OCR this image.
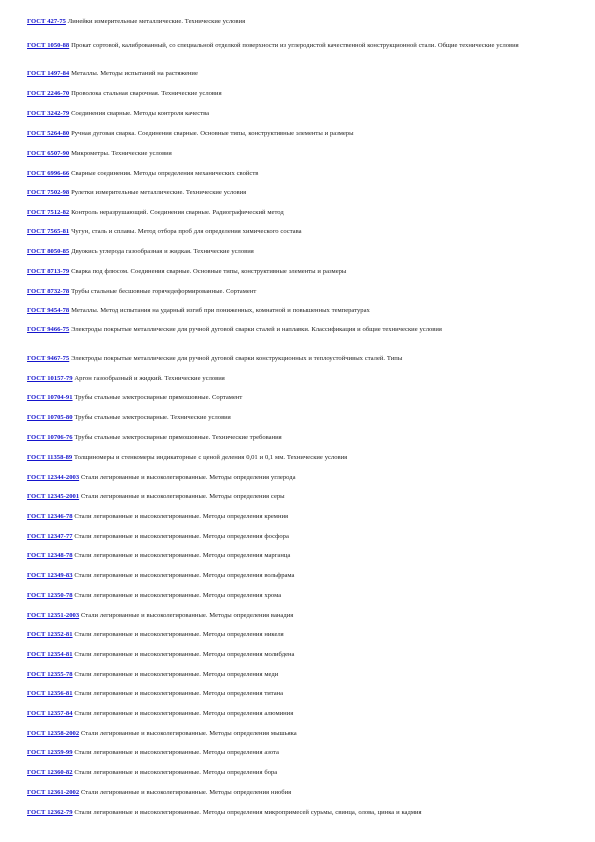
ГОСТ 427-75 Линейки измерительные металлические. Технические условия

ГОСТ 1050-88 Прокат сортовой, калиброванный, со специальной отделкой поверхности из углеродистой качественной конструкционной стали. Общие технические условия

ГОСТ 1497-84 Металлы. Методы испытаний на растяжение

ГОСТ 2246-70 Проволока стальная сварочная. Технические условия

ГОСТ 3242-79 Соединения сварные. Методы контроля качества

ГОСТ 5264-80 Ручная дуговая сварка. Соединения сварные. Основные типы, конструктивные элементы и размеры

ГОСТ 6507-90 Микрометры. Технические условия

ГОСТ 6996-66 Сварные соединения. Методы определения механических свойств

ГОСТ 7502-98 Рулетки измерительные металлические. Технические условия

ГОСТ 7512-82 Контроль неразрушающий. Соединения сварные. Радиографический метод

ГОСТ 7565-81 Чугун, сталь и сплавы. Метод отбора проб для определения химического состава

ГОСТ 8050-85 Двуокись углерода газообразная и жидкая. Технические условия

ГОСТ 8713-79 Сварка под флюсом. Соединения сварные. Основные типы, конструктивные элементы и размеры

ГОСТ 8732-78 Трубы стальные бесшовные горячедеформированные. Сортамент

ГОСТ 9454-78 Металлы. Метод испытания на ударный изгиб при пониженных, комнатной и повышенных температурах

ГОСТ 9466-75 Электроды покрытые металлические для ручной дуговой сварки сталей и наплавки. Классификация и общие технические условия

ГОСТ 9467-75 Электроды покрытые металлические для ручной дуговой сварки конструкционных и теплоустойчивых сталей. Типы

ГОСТ 10157-79 Аргон газообразный и жидкий. Технические условия

ГОСТ 10704-91 Трубы стальные электросварные прямошовные. Сортамент

ГОСТ 10705-80 Трубы стальные электросварные. Технические условия

ГОСТ 10706-76 Трубы стальные электросварные прямошовные. Технические требования

ГОСТ 11358-89 Толщиномеры и стенкомеры индикаторные с ценой деления 0,01 и 0,1 мм. Технические условия

ГОСТ 12344-2003 Стали легированные и высоколегированные. Методы определения углерода

ГОСТ 12345-2001 Стали легированные и высоколегированные. Методы определения серы

ГОСТ 12346-78 Стали легированные и высоколегированные. Методы определения кремния

ГОСТ 12347-77 Стали легированные и высоколегированные. Методы определения фосфора

ГОСТ 12348-78 Стали легированные и высоколегированные. Методы определения марганца

ГОСТ 12349-83 Стали легированные и высоколегированные. Методы определения вольфрама

ГОСТ 12350-78 Стали легированные и высоколегированные. Методы определения хрома

ГОСТ 12351-2003 Стали легированные и высоколегированные. Методы определения ванадия

ГОСТ 12352-81 Стали легированные и высоколегированные. Методы определения никеля

ГОСТ 12354-81 Стали легированные и высоколегированные. Методы определения молибдена

ГОСТ 12355-78 Стали легированные и высоколегированные. Методы определения меди

ГОСТ 12356-81 Стали легированные и высоколегированные. Методы определения титана

ГОСТ 12357-84 Стали легированные и высоколегированные. Методы определения алюминия

ГОСТ 12358-2002 Стали легированные и высоколегированные. Методы определения мышьяка

ГОСТ 12359-99 Стали легированные и высоколегированные. Методы определения азота

ГОСТ 12360-82 Стали легированные и высоколегированные. Методы определения бора

ГОСТ 12361-2002 Стали легированные и высоколегированные. Методы определения ниобия

ГОСТ 12362-79 Стали легированные и высоколегированные. Методы определения микропримесей сурьмы, свинца, олова, цинка и кадмия
